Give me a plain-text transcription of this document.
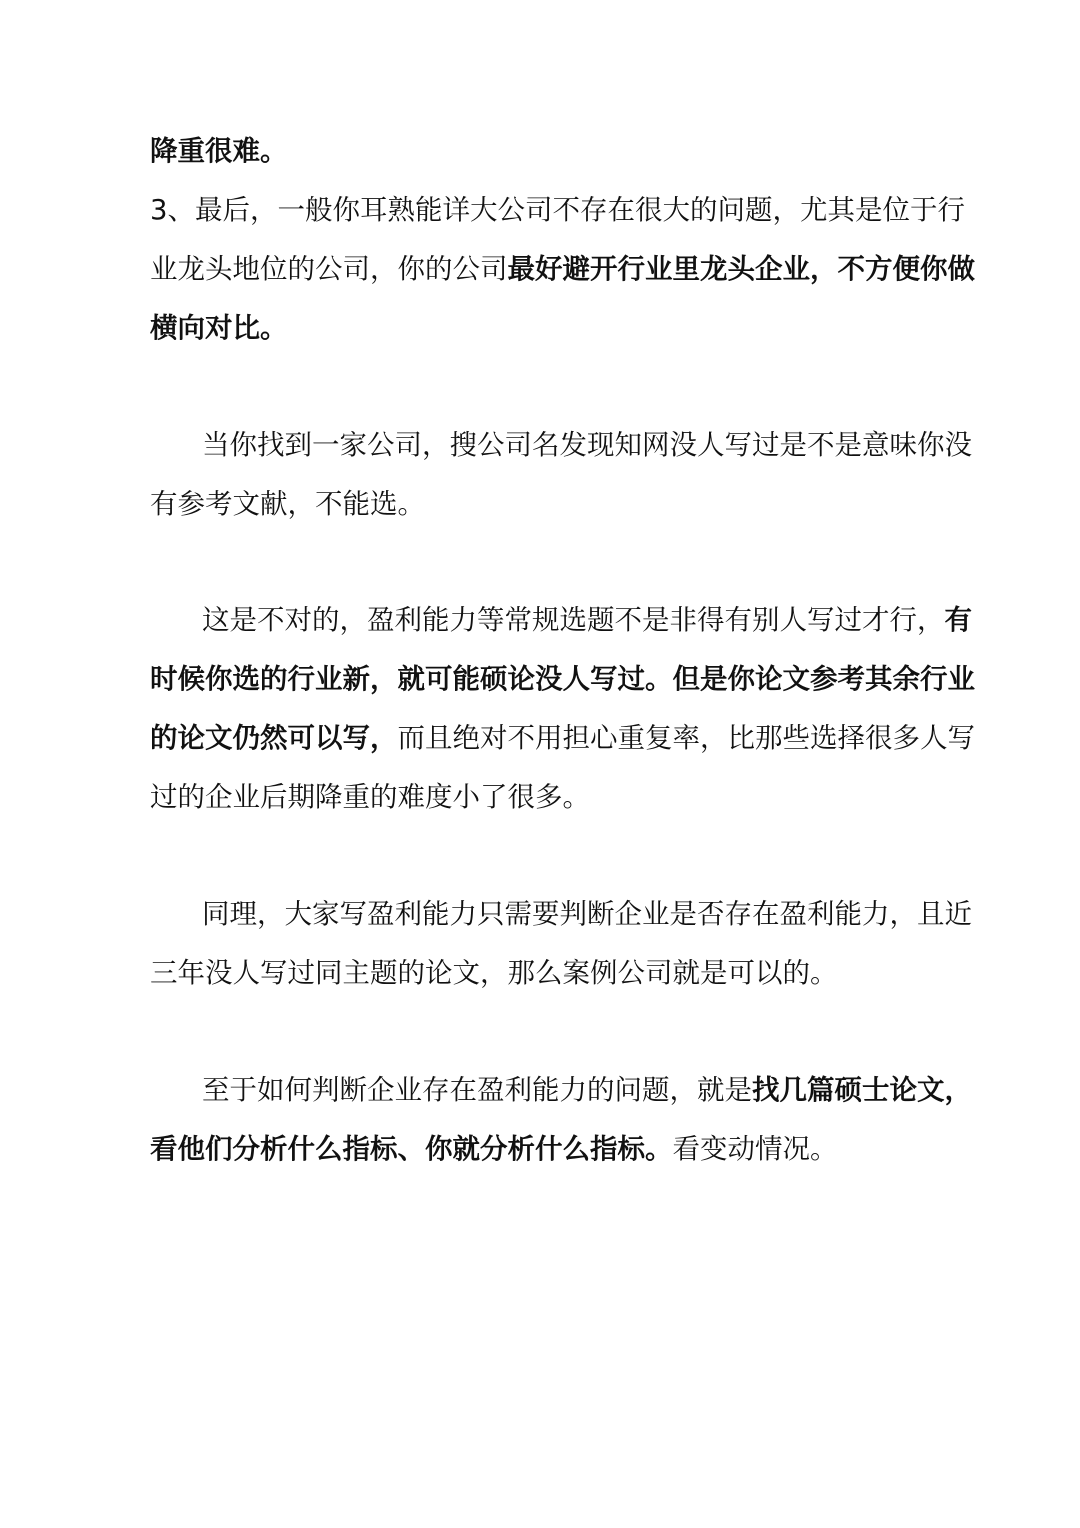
降重很难。
3、最后，一般你耳熟能详大公司不存在很大的问题，尤其是位于行
业龙头地位的公司，你的公司最好避开行业里龙头企业，不方便你做
横向对比。
当你找到一家公司，搜公司名发现知网没人写过是不是意味你没
有参考文献，不能选。
这是不对的，盈利能力等常规选题不是非得有别人写过才行，有
时候你选的行业新，就可能硕论没人写过。但是你论文参考其余行业
的论文仍然可以写，而且绝对不用担心重复率，比那些选择很多人写
过的企业后期降重的难度小了很多。
同理，大家写盈利能力只需要判断企业是否存在盈利能力，且近
三年没人写过同主题的论文，那么案例公司就是可以的。
至于如何判断企业存在盈利能力的问题，就是找几篇硕士论文，
看他们分析什么指标、你就分析什么指标。看变动情况。
